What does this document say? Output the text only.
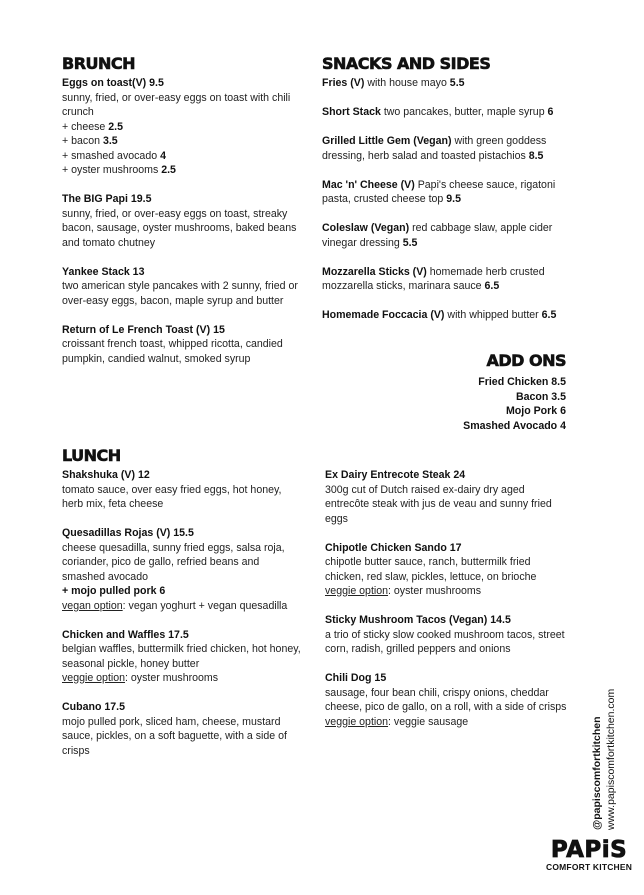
BRUNCH
Eggs on toast(V) 9.5
sunny, fried, or over-easy eggs on toast with chili crunch
+ cheese 2.5
+ bacon 3.5
+ smashed avocado 4
+ oyster mushrooms 2.5
The BIG Papi 19.5
sunny, fried, or over-easy eggs on toast, streaky bacon, sausage, oyster mushrooms, baked beans and tomato chutney
Yankee Stack 13
two american style pancakes with 2 sunny, fried or over-easy eggs, bacon, maple syrup and butter
Return of Le French Toast (V) 15
croissant french toast, whipped ricotta, candied pumpkin, candied walnut, smoked syrup
SNACKS AND SIDES
Fries (V) with house mayo 5.5
Short Stack two pancakes, butter, maple syrup 6
Grilled Little Gem (Vegan) with green goddess dressing, herb salad and toasted pistachios 8.5
Mac 'n' Cheese (V) Papi's cheese sauce, rigatoni pasta, crusted cheese top 9.5
Coleslaw (Vegan) red cabbage slaw, apple cider vinegar dressing 5.5
Mozzarella Sticks (V) homemade herb crusted mozzarella sticks, marinara sauce 6.5
Homemade Foccacia (V) with whipped butter 6.5
ADD ONS
Fried Chicken 8.5
Bacon 3.5
Mojo Pork 6
Smashed Avocado 4
LUNCH
Shakshuka (V) 12
tomato sauce, over easy fried eggs, hot honey, herb mix, feta cheese
Quesadillas Rojas (V) 15.5
cheese quesadilla, sunny fried eggs, salsa roja, coriander, pico de gallo, refried beans and smashed avocado
+ mojo pulled pork 6
vegan option: vegan yoghurt + vegan quesadilla
Chicken and Waffles 17.5
belgian waffles, buttermilk fried chicken, hot honey, seasonal pickle, honey butter
veggie option: oyster mushrooms
Cubano 17.5
mojo pulled pork, sliced ham, cheese, mustard sauce, pickles, on a soft baguette, with a side of crisps
Ex Dairy Entrecote Steak 24
300g cut of Dutch raised ex-dairy dry aged entrecôte steak with jus de veau and sunny fried eggs
Chipotle Chicken Sando 17
chipotle butter sauce, ranch, buttermilk fried chicken, red slaw, pickles, lettuce, on brioche
veggie option: oyster mushrooms
Sticky Mushroom Tacos (Vegan) 14.5
a trio of sticky slow cooked mushroom tacos, street corn, radish, grilled peppers and onions
Chili Dog 15
sausage, four bean chili, crispy onions, cheddar cheese, pico de gallo, on a roll, with a side of crisps
veggie option: veggie sausage	@papiscomfortkitchen www.papiscomfortkitchen.com
PAPiS
COMFORT KITCHEN
